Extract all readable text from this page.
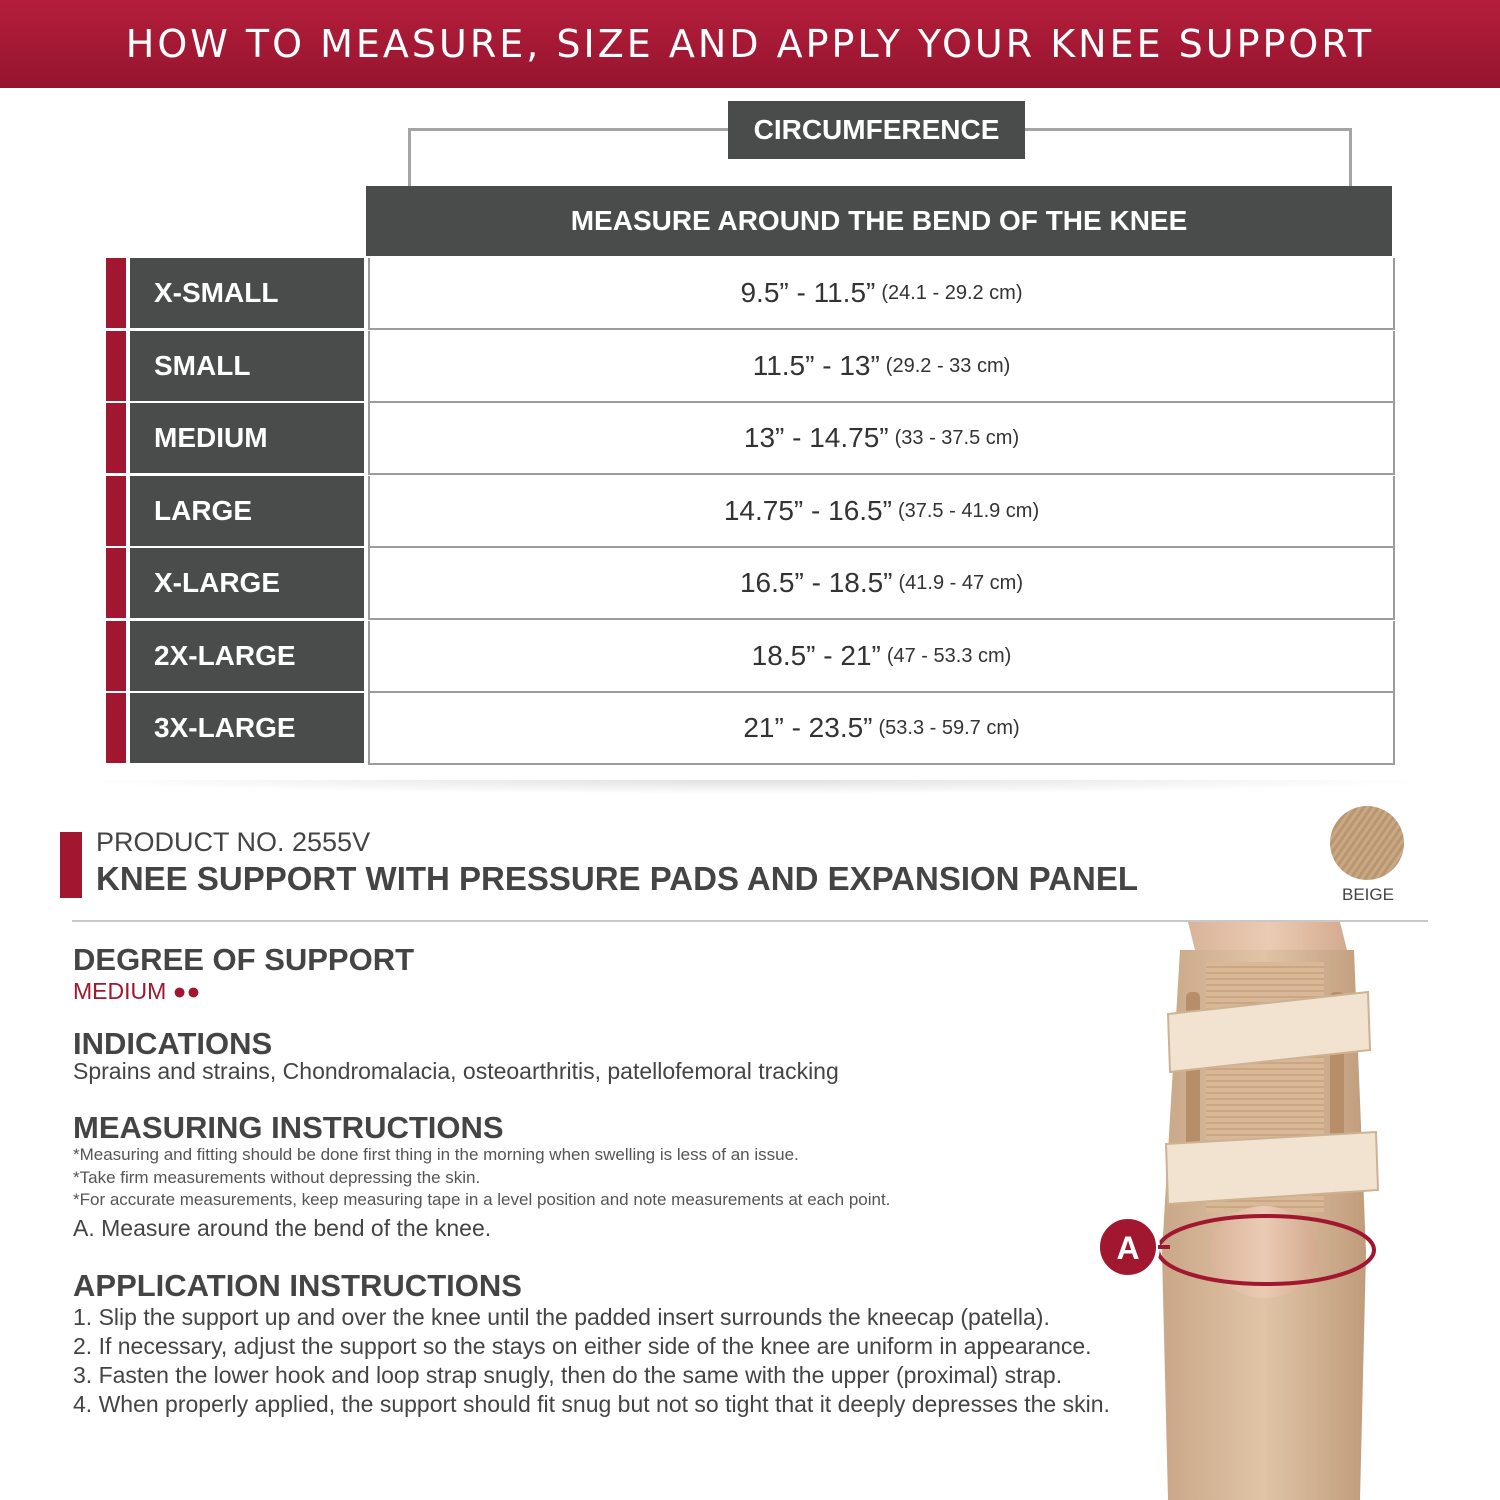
HOW TO MEASURE, SIZE AND APPLY YOUR KNEE SUPPORT
CIRCUMFERENCE
MEASURE AROUND THE BEND OF THE KNEE
X-SMALL	9.5” - 11.5” (24.1 - 29.2 cm)
SMALL	11.5” - 13” (29.2 - 33 cm)
MEDIUM	13” - 14.75” (33 - 37.5 cm)
LARGE	14.75” - 16.5” (37.5 - 41.9 cm)
X-LARGE	16.5” - 18.5” (41.9 - 47 cm)
2X-LARGE	18.5” - 21” (47 - 53.3 cm)
3X-LARGE	21” - 23.5” (53.3 - 59.7 cm)
PRODUCT NO. 2555V
KNEE SUPPORT WITH PRESSURE PADS AND EXPANSION PANEL	BEIGE
DEGREE OF SUPPORT
MEDIUM ●●
INDICATIONS
Sprains and strains, Chondromalacia, osteoarthritis, patellofemoral tracking
MEASURING INSTRUCTIONS
*Measuring and fitting should be done first thing in the morning when swelling is less of an issue.
*Take firm measurements without depressing the skin.
*For accurate measurements, keep measuring tape in a level position and note measurements at each point.
A. Measure around the bend of the knee.
APPLICATION INSTRUCTIONS
1. Slip the support up and over the knee until the padded insert surrounds the kneecap (patella).
2. If necessary, adjust the support so the stays on either side of the knee are uniform in appearance.
3. Fasten the lower hook and loop strap snugly, then do the same with the upper (proximal) strap.
4. When properly applied, the support should fit snug but not so tight that it deeply depresses the skin.
A
